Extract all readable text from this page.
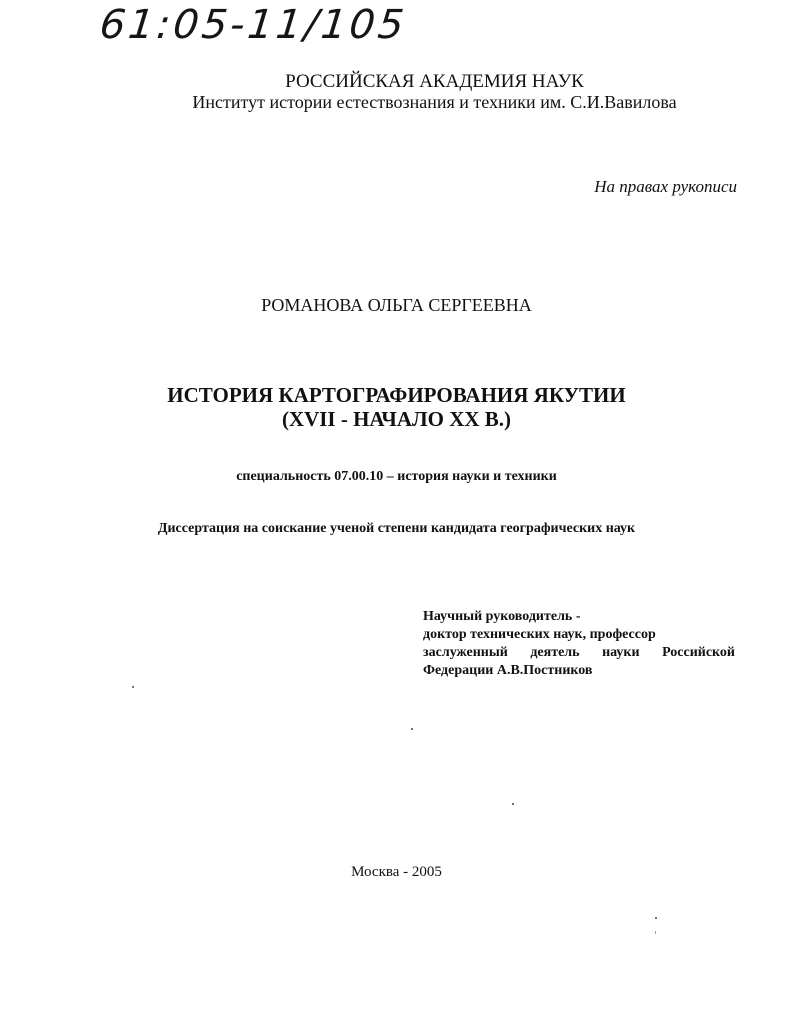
61:05-11/105
РОССИЙСКАЯ АКАДЕМИЯ НАУК
Институт истории естествознания и техники им. С.И.Вавилова
На правах рукописи
РОМАНОВА ОЛЬГА СЕРГЕЕВНА
ИСТОРИЯ КАРТОГРАФИРОВАНИЯ ЯКУТИИ
(XVII - НАЧАЛО XX В.)
специальность 07.00.10 – история науки и техники
Диссертация на соискание ученой степени кандидата географических наук
Научный руководитель -
доктор технических наук, профессор
заслуженный деятель науки Российской
Федерации А.В.Постников
Москва - 2005
